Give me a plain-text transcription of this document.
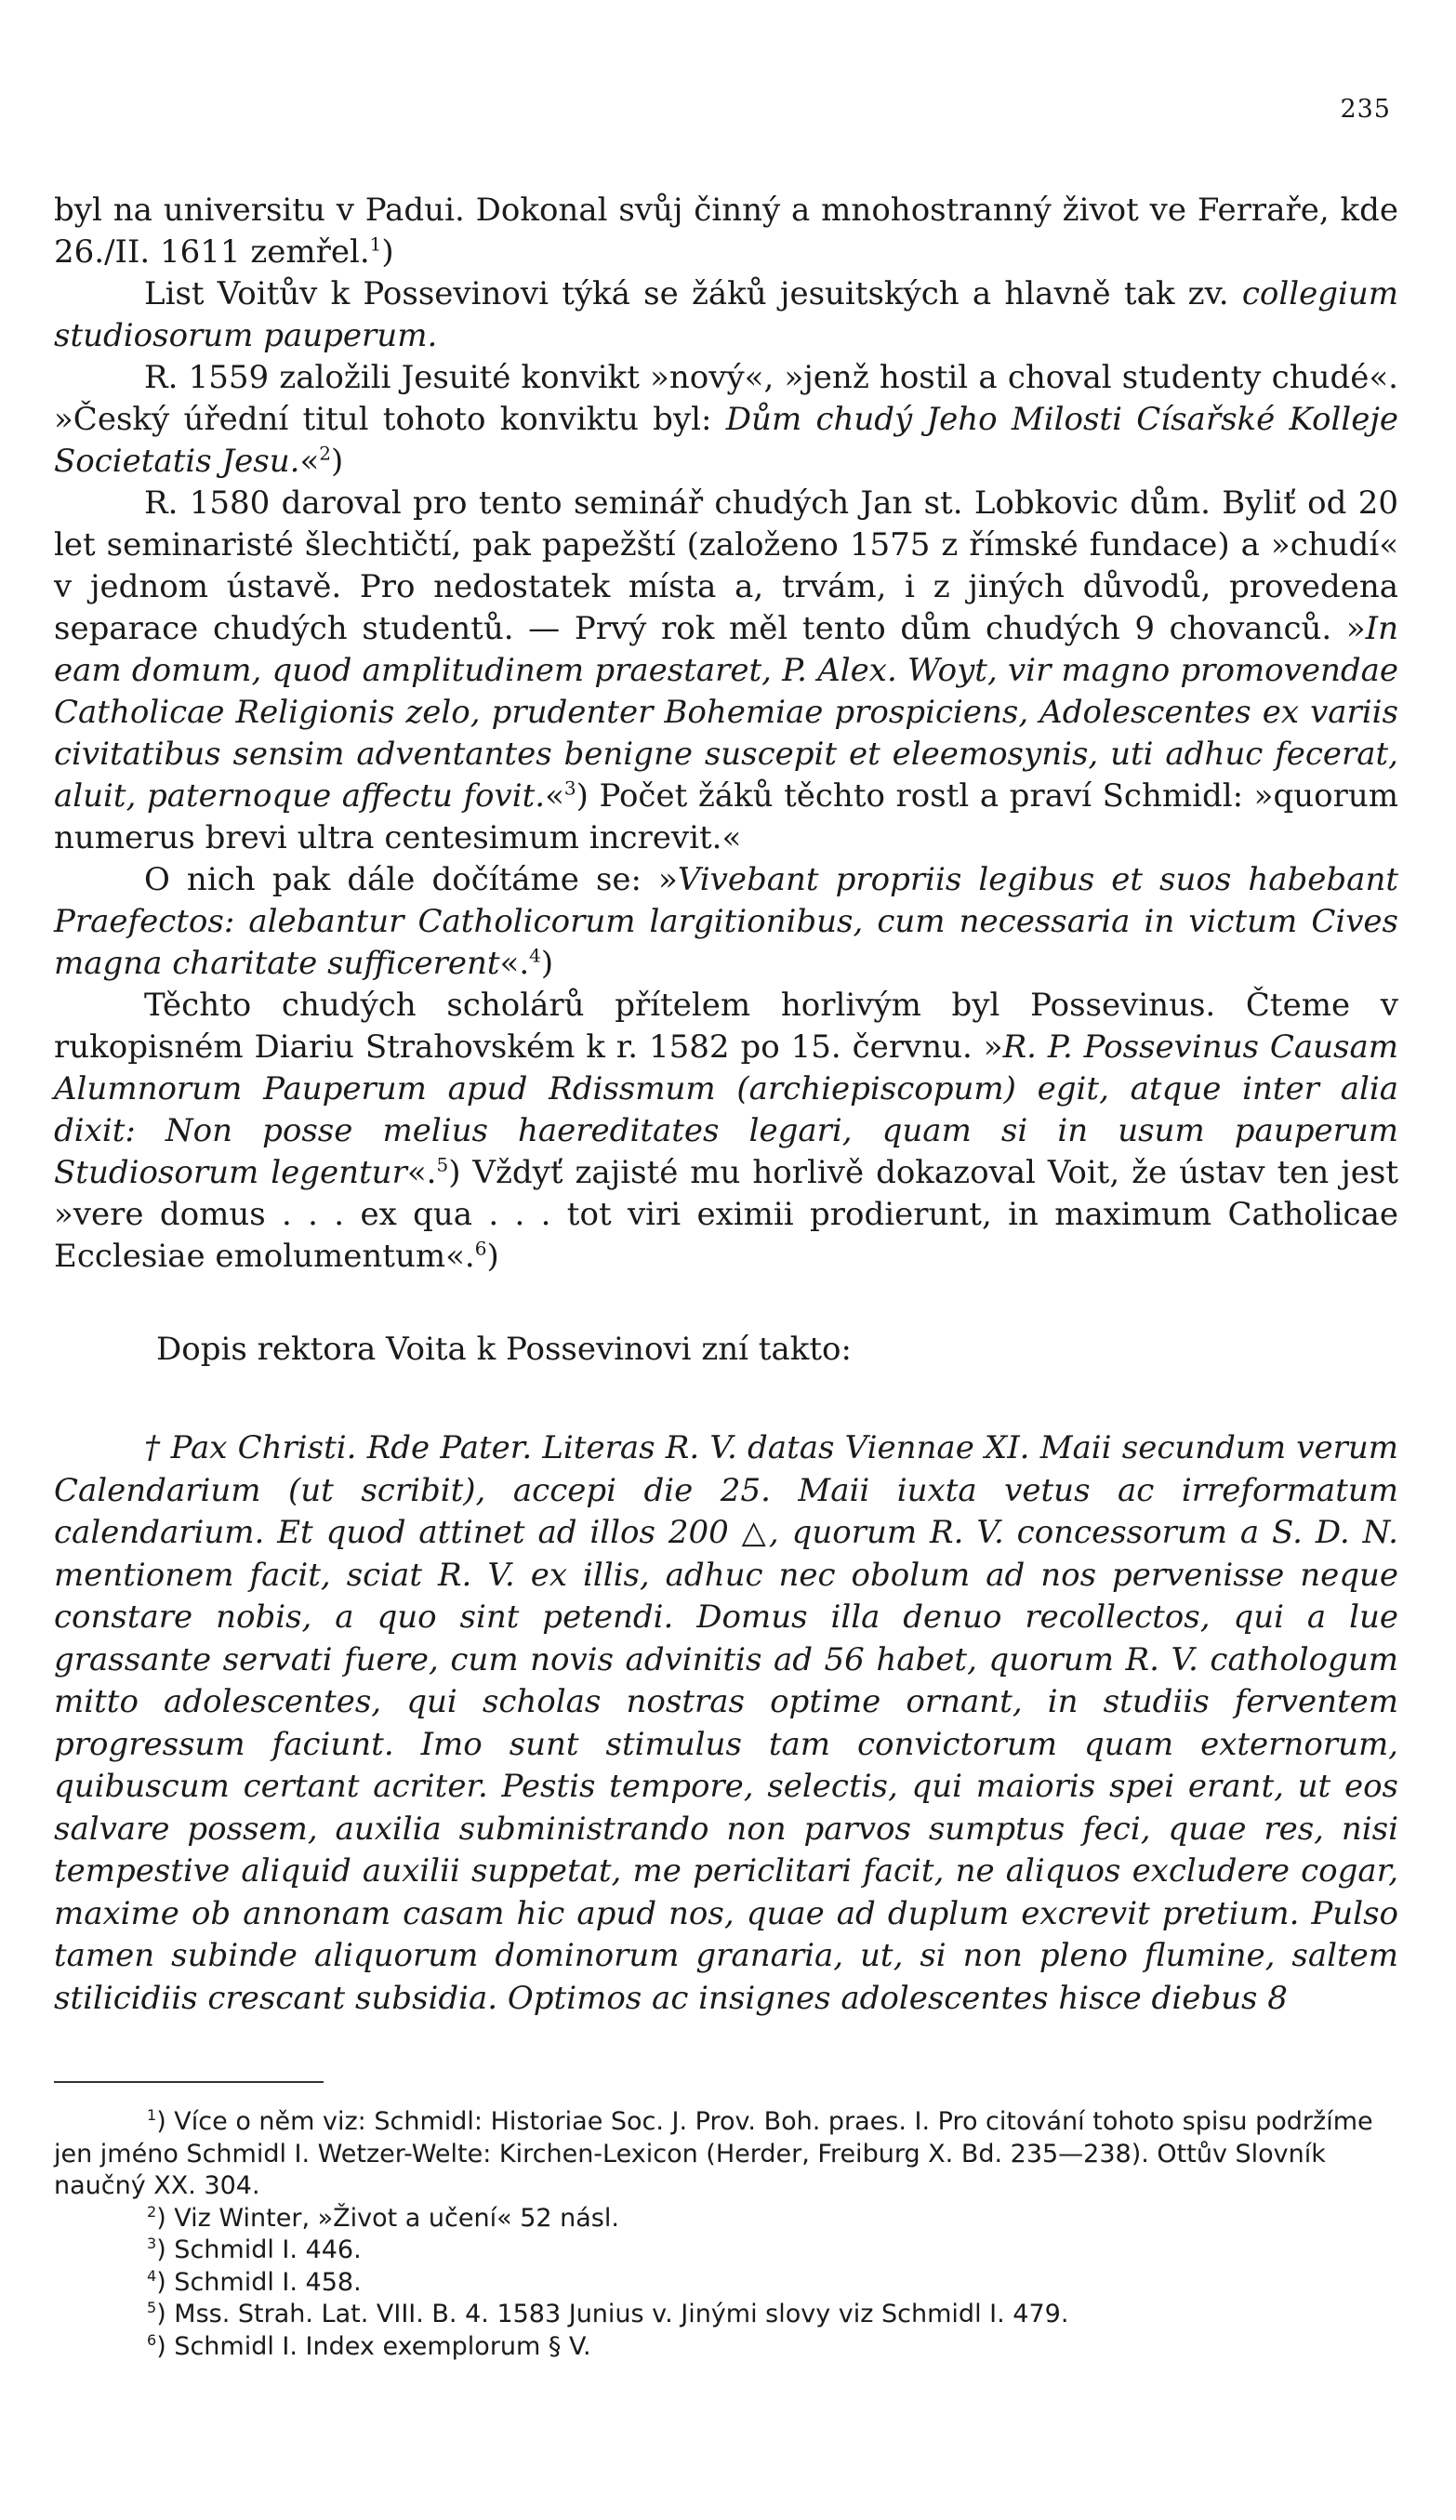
235

byl na universitu v Padui. Dokonal svůj činný a mnohostranný život ve Ferraře, kde 26./II. 1611 zemřel.$^1$)

List Voitův k Possevinovi týká se žáků jesuitských a hlavně tak zv. collegium studiosorum pauperum.

R. 1559 založili Jesuité konvikt »nový«, »jenž hostil a choval studenty chudé«. »Český úřední titul tohoto konviktu byl: Dům chudý Jeho Milosti Císařské Kolleje Societatis Jesu.«$^2$)

R. 1580 daroval pro tento seminář chudých Jan st. Lobkovic dům. Byliť od 20 let seminaristé šlechtičtí, pak papežští (založeno 1575 z římské fundace) a »chudí« v jednom ústavě. Pro nedostatek místa a, trvám, i z jiných důvodů, provedena separace chudých studentů. — Prvý rok měl tento dům chudých 9 chovanců. »In eam domum, quod amplitudinem praestaret, P. Alex. Woyt, vir magno promovendae Catholicae Religionis zelo, prudenter Bohemiae prospiciens, Adolescentes ex variis civitatibus sensim adventantes benigne suscepit et eleemosynis, uti adhuc fecerat, aluit, paternoque affectu fovit.«$^3$) Počet žáků těchto rostl a praví Schmidl: »quorum numerus brevi ultra centesimum increvit.«

O nich pak dále dočítáme se: »Vivebant propriis legibus et suos habebant Praefectos: alebantur Catholicorum largitionibus, cum necessaria in victum Cives magna charitate sufficerent«.$^4$)

Těchto chudých scholárů přítelem horlivým byl Possevinus. Čteme v rukopisném Diariu Strahovském k r. 1582 po 15. červnu. »R. P. Possevinus Causam Alumnorum Pauperum apud Rdissmum (archiepiscopum) egit, atque inter alia dixit: Non posse melius haereditates legari, quam si in usum pauperum Studiosorum legentur«.$^5$) Vždyť zajisté mu horlivě dokazoval Voit, že ústav ten jest »vere domus . . . ex qua . . . tot viri eximii prodierunt, in maximum Catholicae Ecclesiae emolumentum«.$^6$)

Dopis rektora Voita k Possevinovi zní takto:

† Pax Christi. Rde Pater. Literas R. V. datas Viennae XI. Maii secundum verum Calendarium (ut scribit), accepi die 25. Maii iuxta vetus ac irreformatum calendarium. Et quod attinet ad illos 200 △, quorum R. V. concessorum a S. D. N. mentionem facit, sciat R. V. ex illis, adhuc nec obolum ad nos pervenisse neque constare nobis, a quo sint petendi. Domus illa denuo recollectos, qui a lue grassante servati fuere, cum novis advinitis ad 56 habet, quorum R. V. cathologum mitto adolescentes, qui scholas nostras optime ornant, in studiis ferventem progressum faciunt. Imo sunt stimulus tam convictorum quam externorum, quibuscum certant acriter. Pestis tempore, selectis, qui maioris spei erant, ut eos salvare possem, auxilia subministrando non parvos sumptus feci, quae res, nisi tempestive aliquid auxilii suppetat, me periclitari facit, ne aliquos excludere cogar, maxime ob annonam casam hic apud nos, quae ad duplum excrevit pretium. Pulso tamen subinde aliquorum dominorum granaria, ut, si non pleno flumine, saltem stilicidiis crescant subsidia. Optimos ac insignes adolescentes hisce diebus 8

$^1$) Více o něm viz: Schmidl: Historiae Soc. J. Prov. Boh. praes. I. Pro citování tohoto spisu podržíme jen jméno Schmidl I. Wetzer-Welte: Kirchen-Lexicon (Herder, Freiburg X. Bd. 235—238). Ottův Slovník naučný XX. 304.

$^2$) Viz Winter, »Život a učení« 52 násl.

$^3$) Schmidl I. 446.

$^4$) Schmidl I. 458.

$^5$) Mss. Strah. Lat. VIII. B. 4. 1583 Junius v. Jinými slovy viz Schmidl I. 479.

$^6$) Schmidl I. Index exemplorum § V.
